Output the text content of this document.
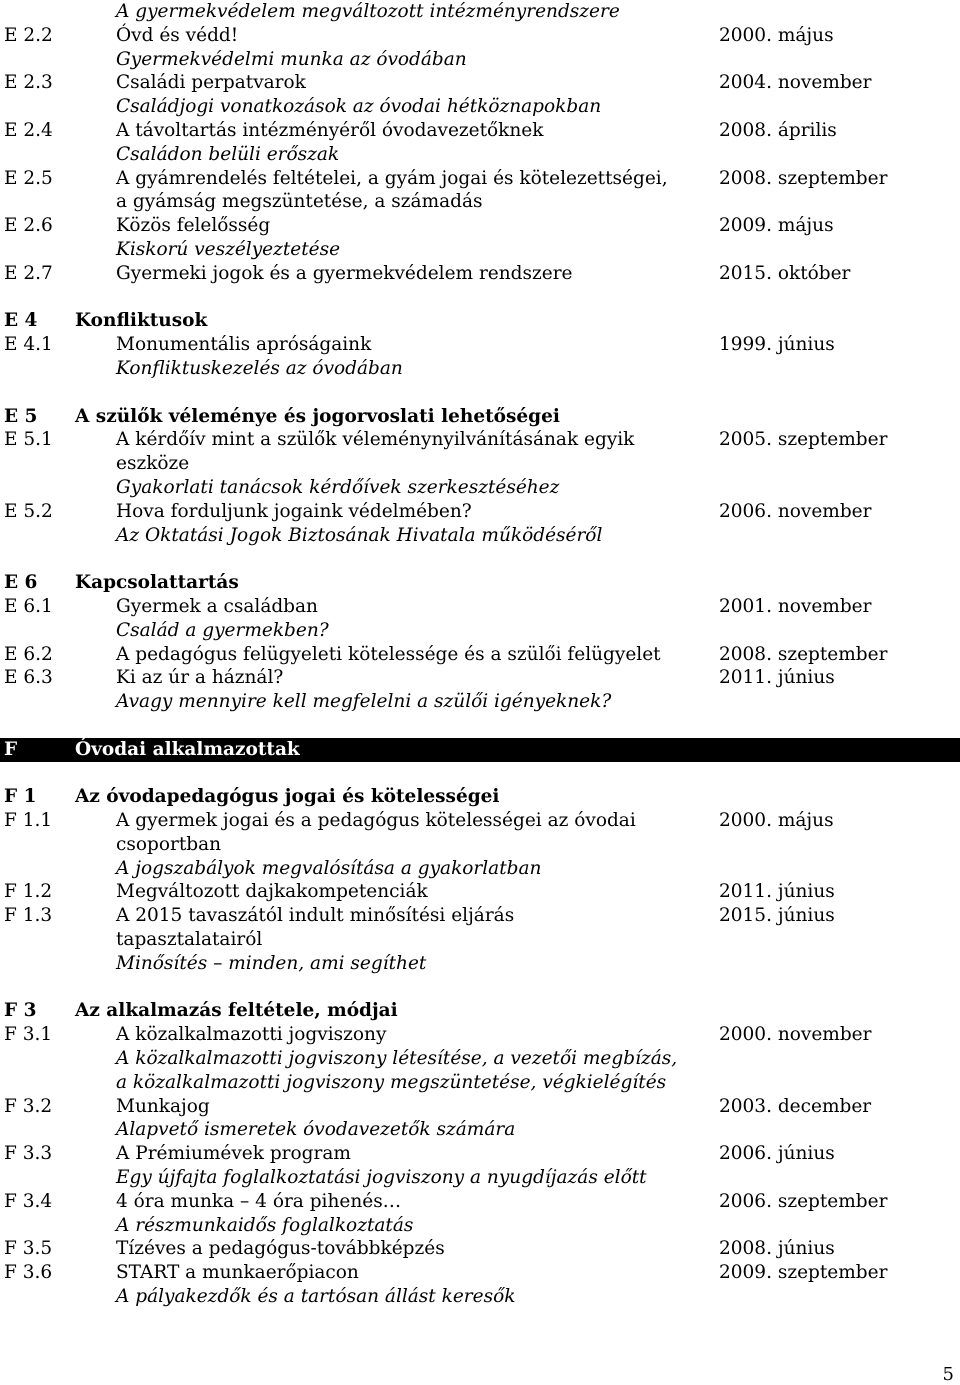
A gyermekvédelem megváltozott intézményrendszere
E 2.2	Óvd és védd!	2000. május
Gyermekvédelmi munka az óvodában
E 2.3	Családi perpatvarok	2004. november
Családjogi vonatkozások az óvodai hétköznapokban
E 2.4	A távoltartás intézményéről óvodavezetőknek	2008. április
Családon belüli erőszak
E 2.5	A gyámrendelés feltételei, a gyám jogai és kötelezettségei,	2008. szeptember
a gyámság megszüntetése, a számadás
E 2.6	Közös felelősség	2009. május
Kiskorú veszélyeztetése
E 2.7	Gyermeki jogok és a gyermekvédelem rendszere	2015. október
E 4 Konfliktusok
E 4.1	Monumentális apróságaink	1999. június
Konfliktuskezelés az óvodában
E 5 A szülők véleménye és jogorvoslati lehetőségei
E 5.1	A kérdőív mint a szülők véleménynyilvánításának egyik	2005. szeptember
eszköze
Gyakorlati tanácsok kérdőívek szerkesztéséhez
E 5.2	Hova forduljunk jogaink védelmében?	2006. november
Az Oktatási Jogok Biztosának Hivatala működéséről
E 6 Kapcsolattartás
E 6.1	Gyermek a családban	2001. november
Család a gyermekben?
E 6.2	A pedagógus felügyeleti kötelessége és a szülői felügyelet	2008. szeptember
E 6.3	Ki az úr a háznál?	2011. június
Avagy mennyire kell megfelelni a szülői igényeknek?
F	Óvodai alkalmazottak
F 1 Az óvodapedagógus jogai és kötelességei
F 1.1	A gyermek jogai és a pedagógus kötelességei az óvodai	2000. május
csoportban
A jogszabályok megvalósítása a gyakorlatban
F 1.2	Megváltozott dajkakompetenciák	2011. június
F 1.3	A 2015 tavaszától indult minősítési eljárás	2015. június
tapasztalatairól
Minősítés – minden, ami segíthet
F 3 Az alkalmazás feltétele, módjai
F 3.1	A közalkalmazotti jogviszony	2000. november
A közalkalmazotti jogviszony létesítése, a vezetői megbízás,
a közalkalmazotti jogviszony megszüntetése, végkielégítés
F 3.2	Munkajog	2003. december
Alapvető ismeretek óvodavezetők számára
F 3.3	A Prémiumévek program	2006. június
Egy újfajta foglalkoztatási jogviszony a nyugdíjazás előtt
F 3.4	4 óra munka – 4 óra pihenés…	2006. szeptember
A részmunkaidős foglalkoztatás
F 3.5	Tízéves a pedagógus-továbbképzés	2008. június
F 3.6	START a munkaerőpiacon	2009. szeptember
A pályakezdők és a tartósan állást keresők
5
